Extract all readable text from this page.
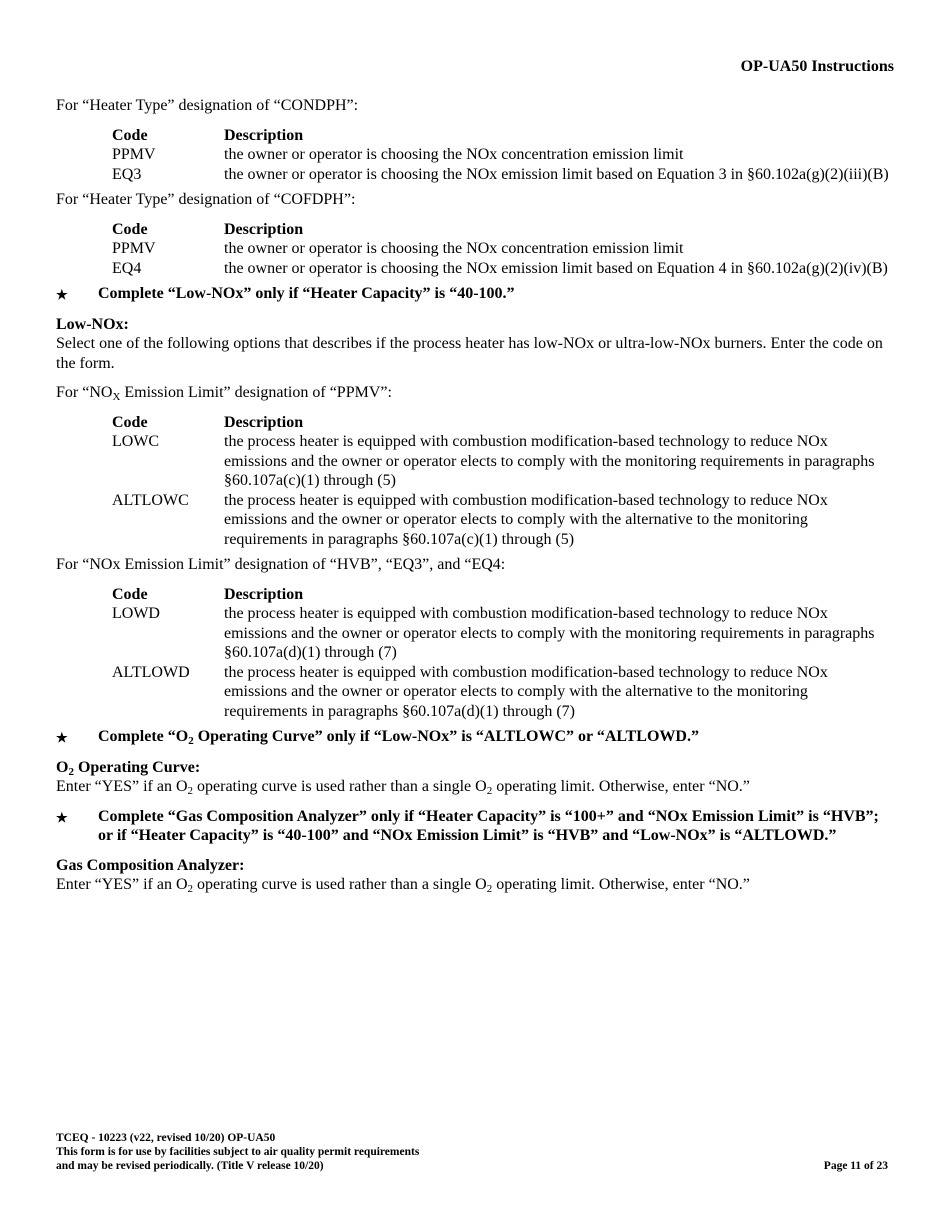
OP-UA50 Instructions

For “Heater Type” designation of “CONDPH”:

Code	Description
PPMV	the owner or operator is choosing the NOx concentration emission limit
EQ3	the owner or operator is choosing the NOx emission limit based on Equation 3 in §60.102a(g)(2)(iii)(B)

For “Heater Type” designation of “COFDPH”:

Code	Description
PPMV	the owner or operator is choosing the NOx concentration emission limit
EQ4	the owner or operator is choosing the NOx emission limit based on Equation 4 in §60.102a(g)(2)(iv)(B)
★	Complete “Low-NOx” only if “Heater Capacity” is “40-100.”

Low-NOx:

Select one of the following options that describes if the process heater has low-NOx or ultra-low-NOx burners. Enter the code on the form.

For “$NO_X$ Emission Limit” designation of “PPMV”:

Code	Description
LOWC	the process heater is equipped with combustion modification-based technology to reduce NOx emissions and the owner or operator elects to comply with the monitoring requirements in paragraphs §60.107a(c)(1) through (5)
ALTLOWC	the process heater is equipped with combustion modification-based technology to reduce NOx emissions and the owner or operator elects to comply with the alternative to the monitoring requirements in paragraphs §60.107a(c)(1) through (5)

For “NOx Emission Limit” designation of “HVB”, “EQ3”, and “EQ4:

Code	Description
LOWD	the process heater is equipped with combustion modification-based technology to reduce NOx emissions and the owner or operator elects to comply with the monitoring requirements in paragraphs §60.107a(d)(1) through (7)
ALTLOWD	the process heater is equipped with combustion modification-based technology to reduce NOx emissions and the owner or operator elects to comply with the alternative to the monitoring requirements in paragraphs §60.107a(d)(1) through (7)
★	Complete “$O_2$ Operating Curve” only if “Low-NOx” is “ALTLOWC” or “ALTLOWD.”

$O_2$ Operating Curve:

Enter “YES” if an $O_2$ operating curve is used rather than a single $O_2$ operating limit. Otherwise, enter “NO.”

★	Complete “Gas Composition Analyzer” only if “Heater Capacity” is “100+” and “NOx Emission Limit” is “HVB”; or if “Heater Capacity” is “40-100” and “NOx Emission Limit” is “HVB” and “Low-NOx” is “ALTLOWD.”

Gas Composition Analyzer:

Enter “YES” if an $O_2$ operating curve is used rather than a single $O_2$ operating limit. Otherwise, enter “NO.”

TCEQ - 10223 (v22, revised 10/20) OP-UA50
This form is for use by facilities subject to air quality permit requirements
and may be revised periodically. (Title V release 10/20)	Page 11 of 23
